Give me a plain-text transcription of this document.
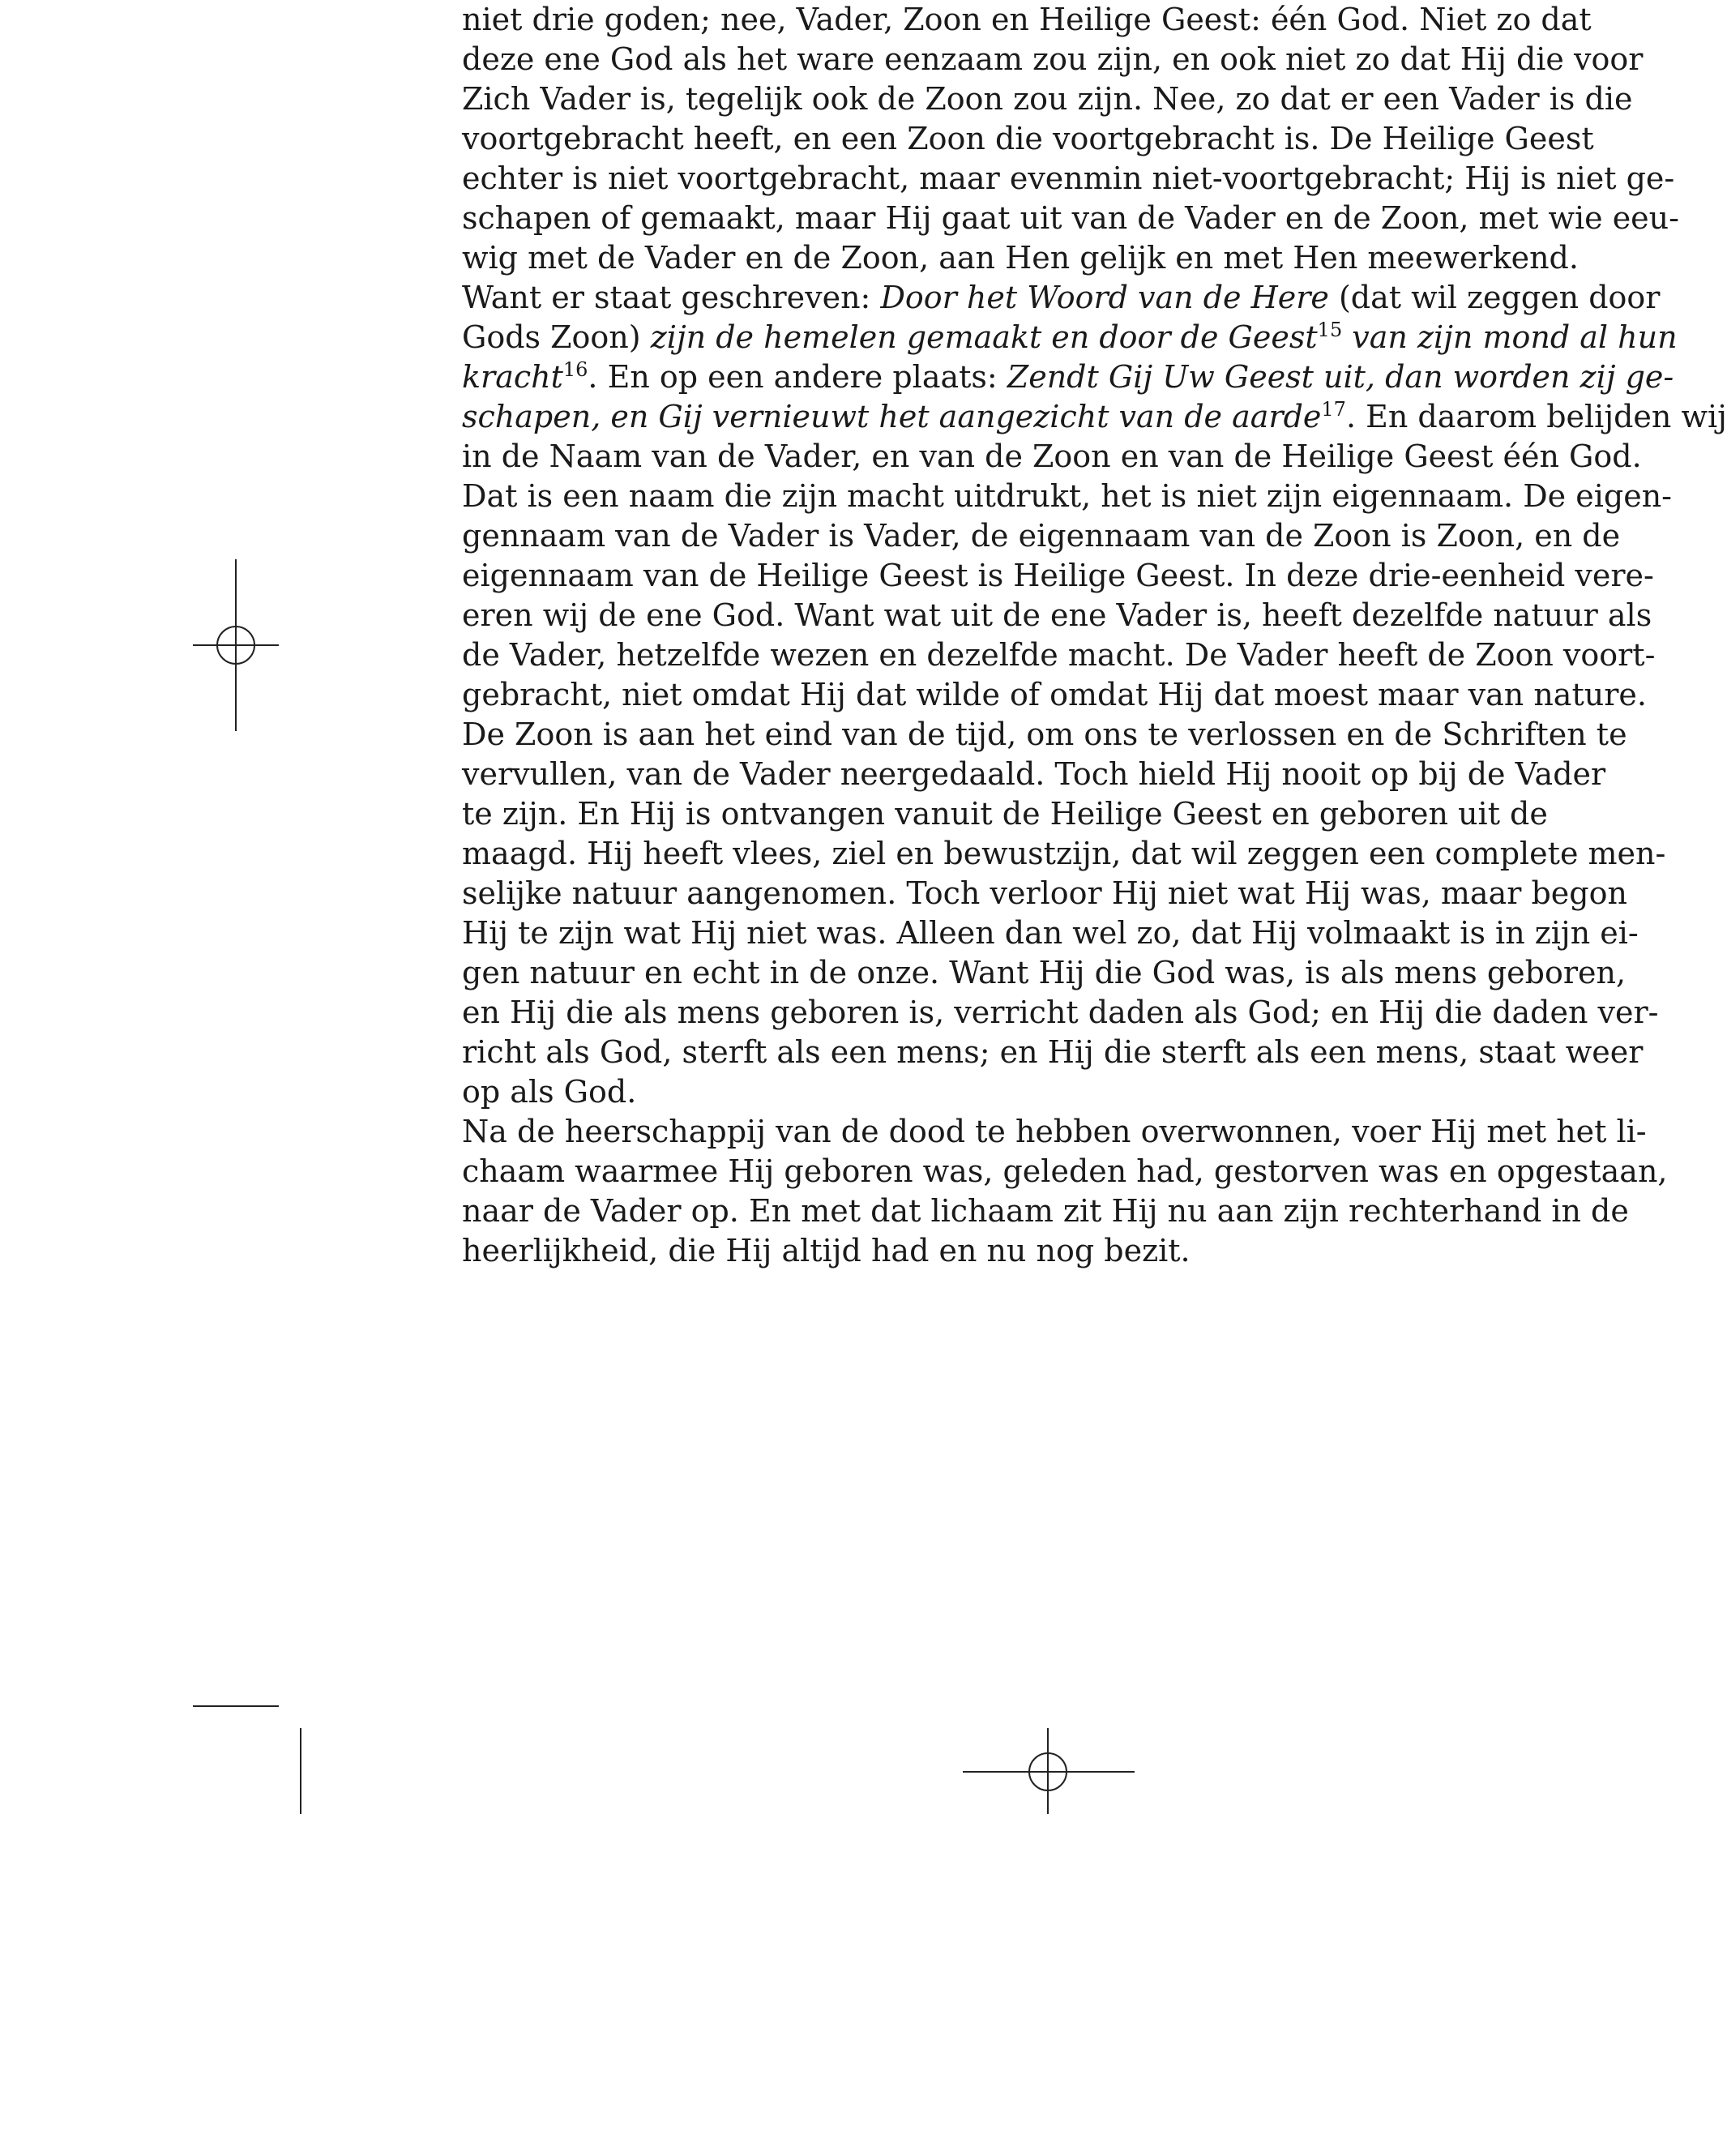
niet drie goden; nee, Vader, Zoon en Heilige Geest: één God. Niet zo dat
deze ene God als het ware eenzaam zou zijn, en ook niet zo dat Hij die voor
Zich Vader is, tegelijk ook de Zoon zou zijn. Nee, zo dat er een Vader is die
voortgebracht heeft, en een Zoon die voortgebracht is. De Heilige Geest
echter is niet voortgebracht, maar evenmin niet-voortgebracht; Hij is niet ge-
schapen of gemaakt, maar Hij gaat uit van de Vader en de Zoon, met wie eeu-
wig met de Vader en de Zoon, aan Hen gelijk en met Hen meewerkend.
Want er staat geschreven: Door het Woord van de Here (dat wil zeggen door
Gods Zoon) zijn de hemelen gemaakt en door de Geest$^{15}$ van zijn mond al hun
kracht$^{16}$. En op een andere plaats: Zendt Gij Uw Geest uit, dan worden zij ge-
schapen, en Gij vernieuwt het aangezicht van de aarde$^{17}$. En daarom belijden wij
in de Naam van de Vader, en van de Zoon en van de Heilige Geest één God.
Dat is een naam die zijn macht uitdrukt, het is niet zijn eigennaam. De eigen-
gennaam van de Vader is Vader, de eigennaam van de Zoon is Zoon, en de
eigennaam van de Heilige Geest is Heilige Geest. In deze drie-eenheid vere-
eren wij de ene God. Want wat uit de ene Vader is, heeft dezelfde natuur als
de Vader, hetzelfde wezen en dezelfde macht. De Vader heeft de Zoon voort-
gebracht, niet omdat Hij dat wilde of omdat Hij dat moest maar van nature.
De Zoon is aan het eind van de tijd, om ons te verlossen en de Schriften te
vervullen, van de Vader neergedaald. Toch hield Hij nooit op bij de Vader
te zijn. En Hij is ontvangen vanuit de Heilige Geest en geboren uit de
maagd. Hij heeft vlees, ziel en bewustzijn, dat wil zeggen een complete men-
selijke natuur aangenomen. Toch verloor Hij niet wat Hij was, maar begon
Hij te zijn wat Hij niet was. Alleen dan wel zo, dat Hij volmaakt is in zijn ei-
gen natuur en echt in de onze. Want Hij die God was, is als mens geboren,
en Hij die als mens geboren is, verricht daden als God; en Hij die daden ver-
richt als God, sterft als een mens; en Hij die sterft als een mens, staat weer
op als God.
Na de heerschappij van de dood te hebben overwonnen, voer Hij met het li-
chaam waarmee Hij geboren was, geleden had, gestorven was en opgestaan,
naar de Vader op. En met dat lichaam zit Hij nu aan zijn rechterhand in de
heerlijkheid, die Hij altijd had en nu nog bezit.
